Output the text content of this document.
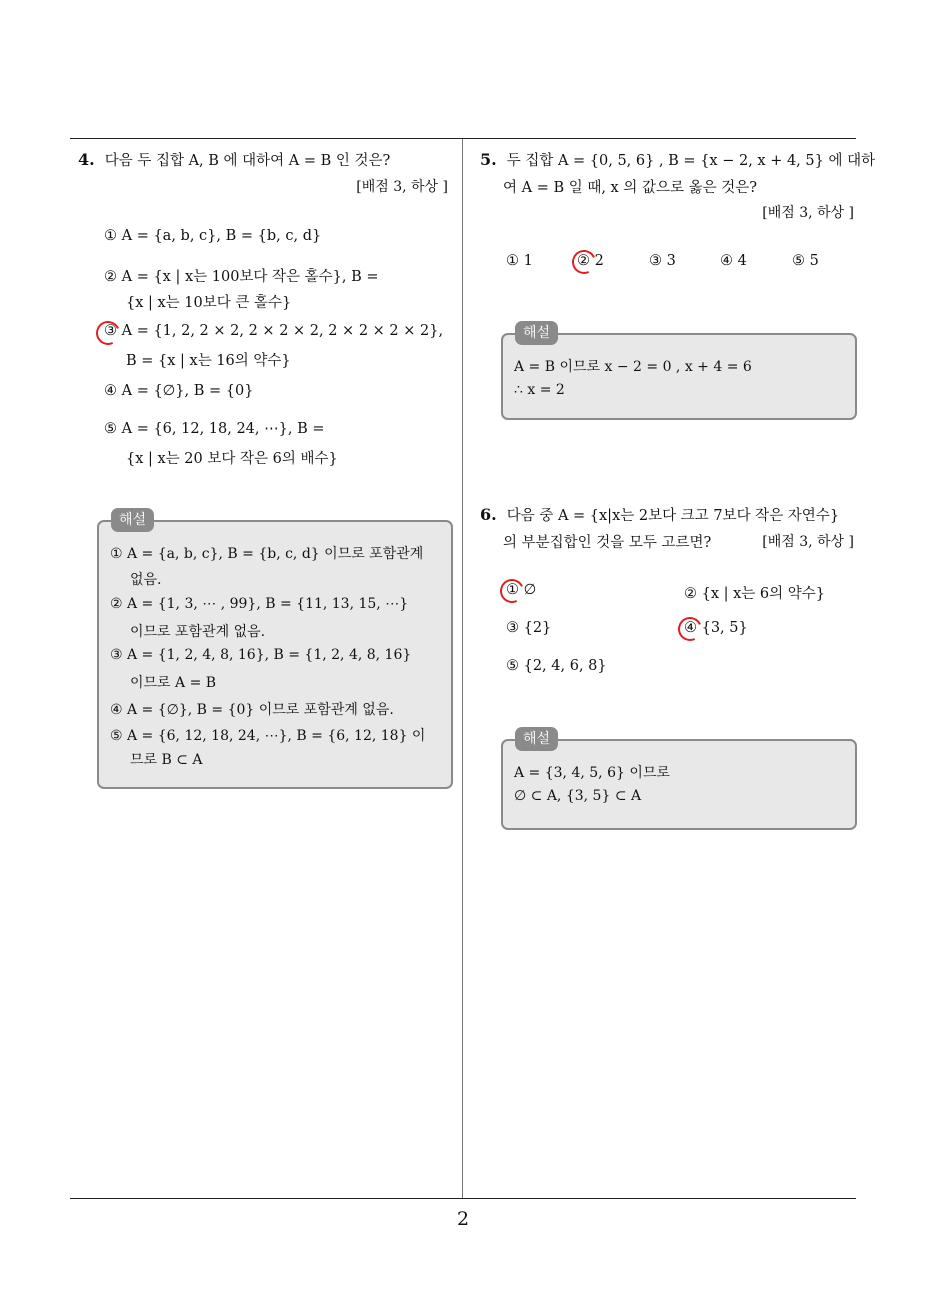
2
4. 다음 두 집합 A, B 에 대하여 A = B 인 것은?
[배점 3, 하상 ]
① A = {a, b, c}, B = {b, c, d}
② A = {x | x는 100보다 작은 홀수}, B =
{x | x는 10보다 큰 홀수}
③ A = {1, 2, 2 × 2, 2 × 2 × 2, 2 × 2 × 2 × 2},
B = {x | x는 16의 약수}
④ A = {∅}, B = {0}
⑤ A = {6, 12, 18, 24, ⋯}, B =
{x | x는 20 보다 작은 6의 배수}
해설
① A = {a, b, c}, B = {b, c, d} 이므로 포함관계
없음.
② A = {1, 3, ⋯ , 99}, B = {11, 13, 15, ⋯}
이므로 포함관계 없음.
③ A = {1, 2, 4, 8, 16}, B = {1, 2, 4, 8, 16}
이므로 A = B
④ A = {∅}, B = {0} 이므로 포함관계 없음.
⑤ A = {6, 12, 18, 24, ⋯}, B = {6, 12, 18} 이
므로 B ⊂ A
5. 두 집합 A = {0, 5, 6} , B = {x − 2, x + 4, 5} 에 대하
여 A = B 일 때, x 의 값으로 옳은 것은?
[배점 3, 하상 ]
① 1	② 2	③ 3	④ 4	⑤ 5
해설
A = B 이므로 x − 2 = 0 , x + 4 = 6
∴ x = 2
6. 다음 중 A = {x|x는 2보다 크고 7보다 작은 자연수}
의 부분집합인 것을 모두 고르면?	[배점 3, 하상 ]
① ∅	② {x | x는 6의 약수}
③ {2}	④ {3, 5}
⑤ {2, 4, 6, 8}
해설
A = {3, 4, 5, 6} 이므로
∅ ⊂ A, {3, 5} ⊂ A
